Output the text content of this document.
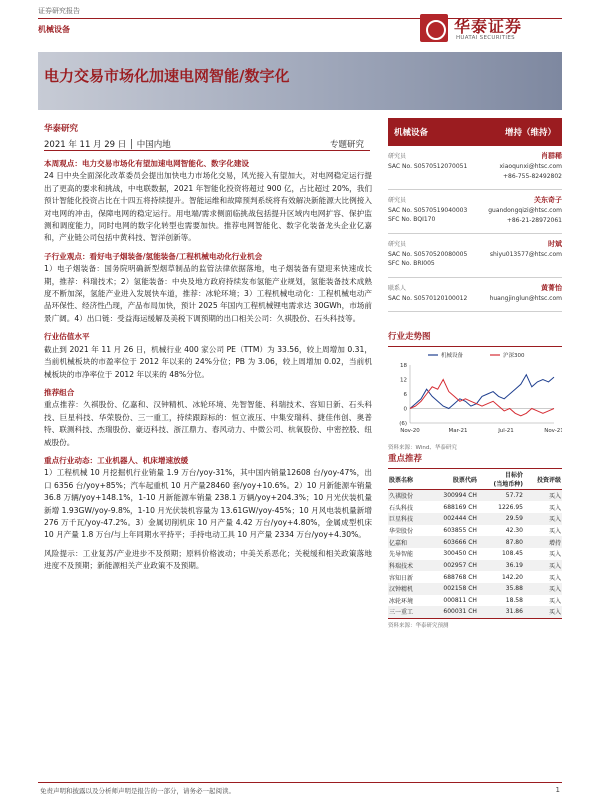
证券研究报告
机械设备	华泰证券
HUATAI SECURITIES
电力交易市场化加速电网智能/数字化
华泰研究
2021 年 11 月 29 日 │ 中国内地	专题研究

本周观点：电力交易市场化有望加速电网智能化、数字化建设
24 日中央全面深化改革委员会提出加快电力市场化交易，风光接入有望加大，对电网稳定运行提出了更高的要求和挑战，中电联数据，2021 年智能化投资将超过 900 亿，占比超过 20%，我们预计智能化投资占比在十四五将持续提升。智能运维和故障预判系统将有效解决新能源大比例接入对电网的冲击，保障电网的稳定运行。用电端/需求侧面临挑战包括提升区域内电网扩容、保护监测和调度能力，同时电网的数字化转型也需要加快。推荐电网智能化、数字化装备龙头企业亿嘉和，产业链公司包括中黄科技、智洋创新等。

子行业观点：看好电子烟装备/氢能装备/工程机械电动化行业机会
1）电子烟装备：国务院明确新型烟草制品的监管法律依据落地，电子烟装备有望迎来快速成长期，推荐：科瑞技术；2）氢能装备：中央及地方政府持续发布氢能产业规划，氢能装备技术成熟度不断加深，氢能产业进入发展快车道，推荐：冰轮环境；3）工程机械电动化：工程机械电动产品环保性、经济性凸现，产品布局加快，预计 2025 年国内工程机械锂电需求达 30GWh，市场前景广阔。4）出口链：受益海运缓解及美税下调预期的出口相关公司：久祺股份、石头科技等。

行业估值水平
截止到 2021 年 11 月 26 日，机械行业 400 家公司 PE（TTM）为 33.56，较上周增加 0.31，当前机械板块的市盈率位于 2012 年以来的 24%分位；PB 为 3.06，较上周增加 0.02，当前机械板块的市净率位于 2012 年以来的 48%分位。

推荐组合
重点推荐：久祺股份、亿嘉和、汉钟精机、冰轮环境、先智智能、科瑞技术、容知日新、石头科技、巨星科技、华荣股份、三一重工，持续跟踪标的：恒立液压、中集安瑞科、捷佳伟创、奥普特、联测科技、杰瑞股份、豪迈科技、浙江鼎力、春风动力、中微公司、杭氧股份、中密控股、纽威股份。

重点行业动态：工业机器人、机床增速放缓
1）工程机械 10 月挖掘机行业销量 1.9 万台/yoy-31%，其中国内销量12608 台/yoy-47%，出口 6356 台/yoy+85%；汽车起重机 10 月产量28460 套/yoy+10.6%。2）10 月新能源车销量 36.8 万辆/yoy+148.1%，1-10 月新能源车销量 238.1 万辆/yoy+204.3%；10 月光伏装机量新增 1.93GW/yoy-9.8%，1-10 月光伏装机容量为 13.61GW/yoy-45%；10 月风电装机量新增 276 万千瓦/yoy-47.2%。3）金属切削机床 10 月产量 4.42 万台/yoy+4.80%，金属成型机床 10 月产量 1.8 万台/与上年同期水平持平；手持电动工具 10 月产量 2334 万台/yoy+4.30%。

风险提示：工业复苏/产业进步不及预期；原料价格波动；中美关系恶化；关税缓和相关政策落地进度不及预期；新能源相关产业政策不及预期。

机械设备	增持（维持）
研究员
SAC No. S0570512070051
肖群稀
xiaoqunxi@htsc.com
+86-755-82492802
研究员
SAC No. S0570519040003
SFC No. BQI170
关东奇子
guandongqizi@htsc.com
+86-21-28972061
研究员
SAC No. S0570520080005
SFC No. BRI005
时斌
shiyu013577@htsc.com
联系人
SAC No. S0570120100012
黄菁怡
huangjinglun@htsc.com
行业走势图
18
12
6
0
(6)
Nov-20	Mar-21	Jul-21	Nov-21
机械设备	沪深300
资料来源：Wind、华泰研究
重点推荐
股票名称	股票代码	目标价
(当地币种)	投资评级
久祺股份	300994 CH	57.72	买入
石头科技	688169 CH	1226.95	买入
巨星科技	002444 CH	29.59	买入
华荣股份	603855 CH	42.30	买入
亿嘉和	603666 CH	87.80	增持
先导智能	300450 CH	108.45	买入
科瑞技术	002957 CH	36.19	买入
容知日新	688768 CH	142.20	买入
汉钟精机	002158 CH	35.88	买入
冰轮环境	000811 CH	18.58	买入
三一重工	600031 CH	31.86	买入
资料来源：华泰研究预测
免责声明和披露以及分析师声明是报告的一部分，请务必一起阅读。	1
